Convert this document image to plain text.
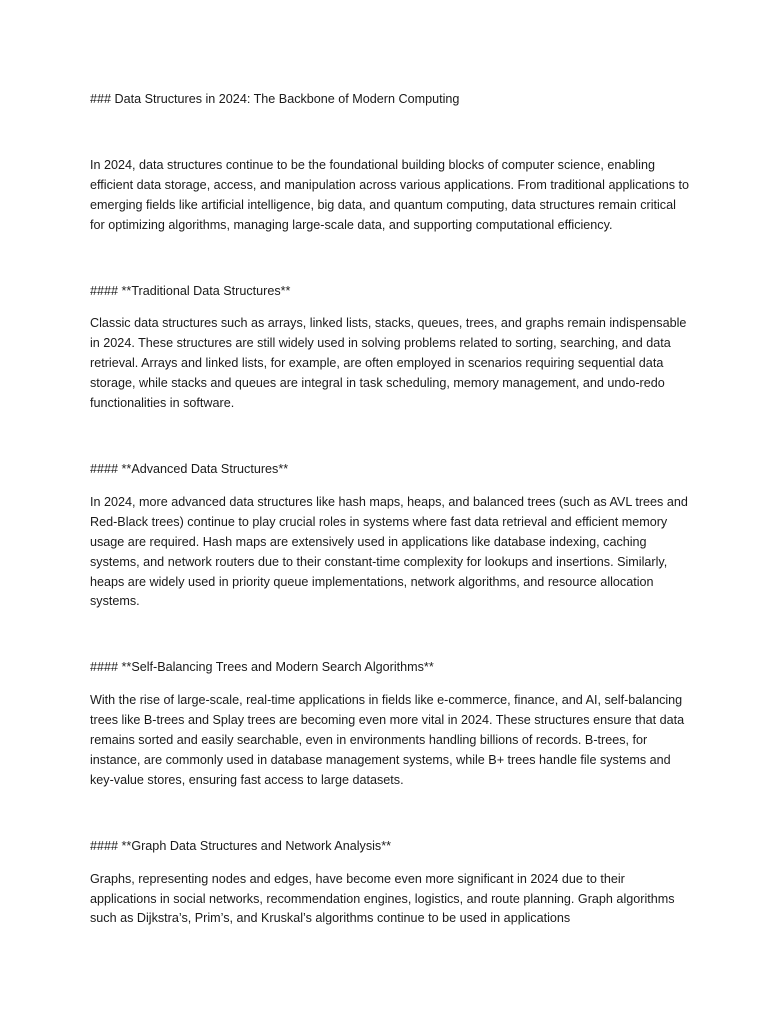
### Data Structures in 2024: The Backbone of Modern Computing

In 2024, data structures continue to be the foundational building blocks of computer science, enabling efficient data storage, access, and manipulation across various applications. From traditional applications to emerging fields like artificial intelligence, big data, and quantum computing, data structures remain critical for optimizing algorithms, managing large-scale data, and supporting computational efficiency.

#### **Traditional Data Structures**

Classic data structures such as arrays, linked lists, stacks, queues, trees, and graphs remain indispensable in 2024. These structures are still widely used in solving problems related to sorting, searching, and data retrieval. Arrays and linked lists, for example, are often employed in scenarios requiring sequential data storage, while stacks and queues are integral in task scheduling, memory management, and undo-redo functionalities in software.

#### **Advanced Data Structures**

In 2024, more advanced data structures like hash maps, heaps, and balanced trees (such as AVL trees and Red-Black trees) continue to play crucial roles in systems where fast data retrieval and efficient memory usage are required. Hash maps are extensively used in applications like database indexing, caching systems, and network routers due to their constant-time complexity for lookups and insertions. Similarly, heaps are widely used in priority queue implementations, network algorithms, and resource allocation systems.

#### **Self-Balancing Trees and Modern Search Algorithms**

With the rise of large-scale, real-time applications in fields like e-commerce, finance, and AI, self-balancing trees like B-trees and Splay trees are becoming even more vital in 2024. These structures ensure that data remains sorted and easily searchable, even in environments handling billions of records. B-trees, for instance, are commonly used in database management systems, while B+ trees handle file systems and key-value stores, ensuring fast access to large datasets.

#### **Graph Data Structures and Network Analysis**

Graphs, representing nodes and edges, have become even more significant in 2024 due to their applications in social networks, recommendation engines, logistics, and route planning. Graph algorithms such as Dijkstra’s, Prim’s, and Kruskal’s algorithms continue to be used in applications
